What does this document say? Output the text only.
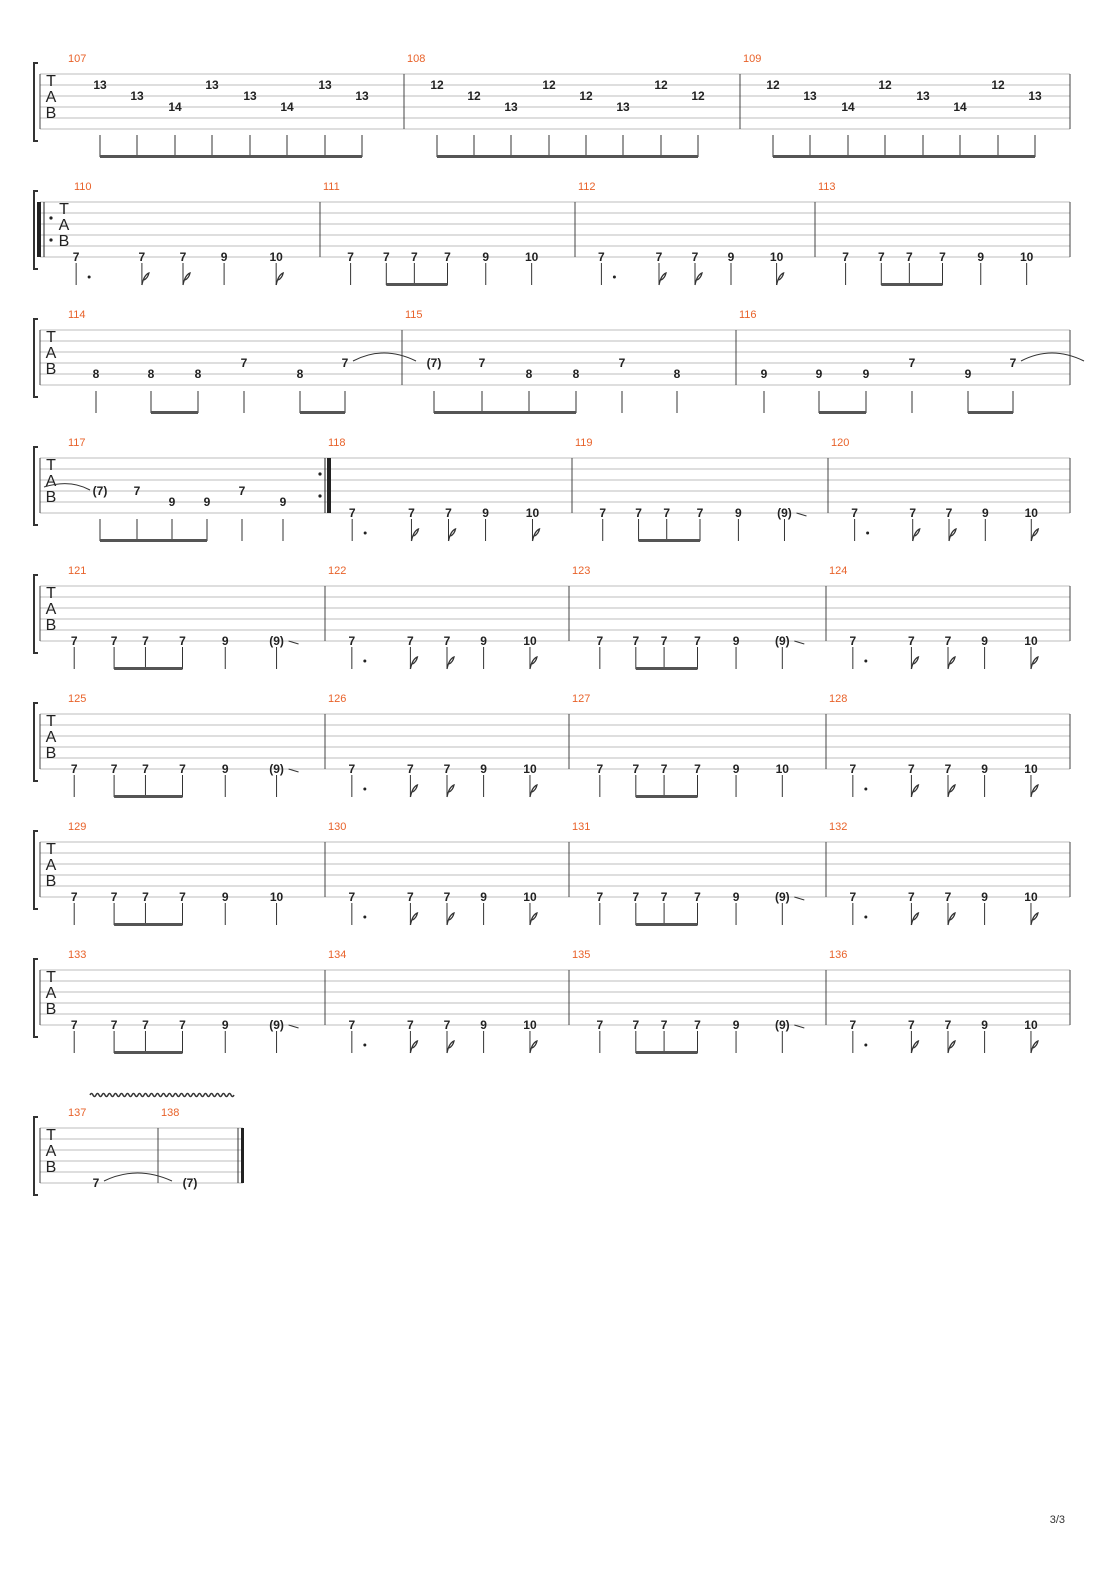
T
A
B
107
13
13
14
13
13
14
13
13
108
12
12
13
12
12
13
12
12
109
12
13
14
12
13
14
12
13
T
A
B
110
7	7	7	9	10
111
7 7 7 7	9	10
112
7	7 7 9	10
113
7 7 7 7	9	10
T
A
B
114
8	8	8
7
8
7
115
(7)	7
8	8
7
8
116
9	9	9
7
9
7
T
A
B
117
(7) 7
9 9
7
9
118
7	7	7	9	10
119
7 7 7 7	9	(9)
120
7	7 7 9	10
T
A
B
121
7	7 7	7	9	(9)
122
7	7 7 9	10
123
7 7 7 7	9	(9)
124
7	7 7 9	10
T
A
B
125
7	7 7	7	9	(9)
126
7	7 7 9	10
127
7 7 7 7	9	10
128
7	7 7 9	10
T
A
B
129
7	7 7	7	9	10
130
7	7 7 9	10
131
7 7 7 7	9	(9)
132
7	7 7 9	10
T
A
B
133
7	7 7	7	9	(9)
134
7	7 7 9	10
135
7 7 7 7	9	(9)
136
7	7 7 9	10
T
A
B
137
7
138
(7)
3/3
